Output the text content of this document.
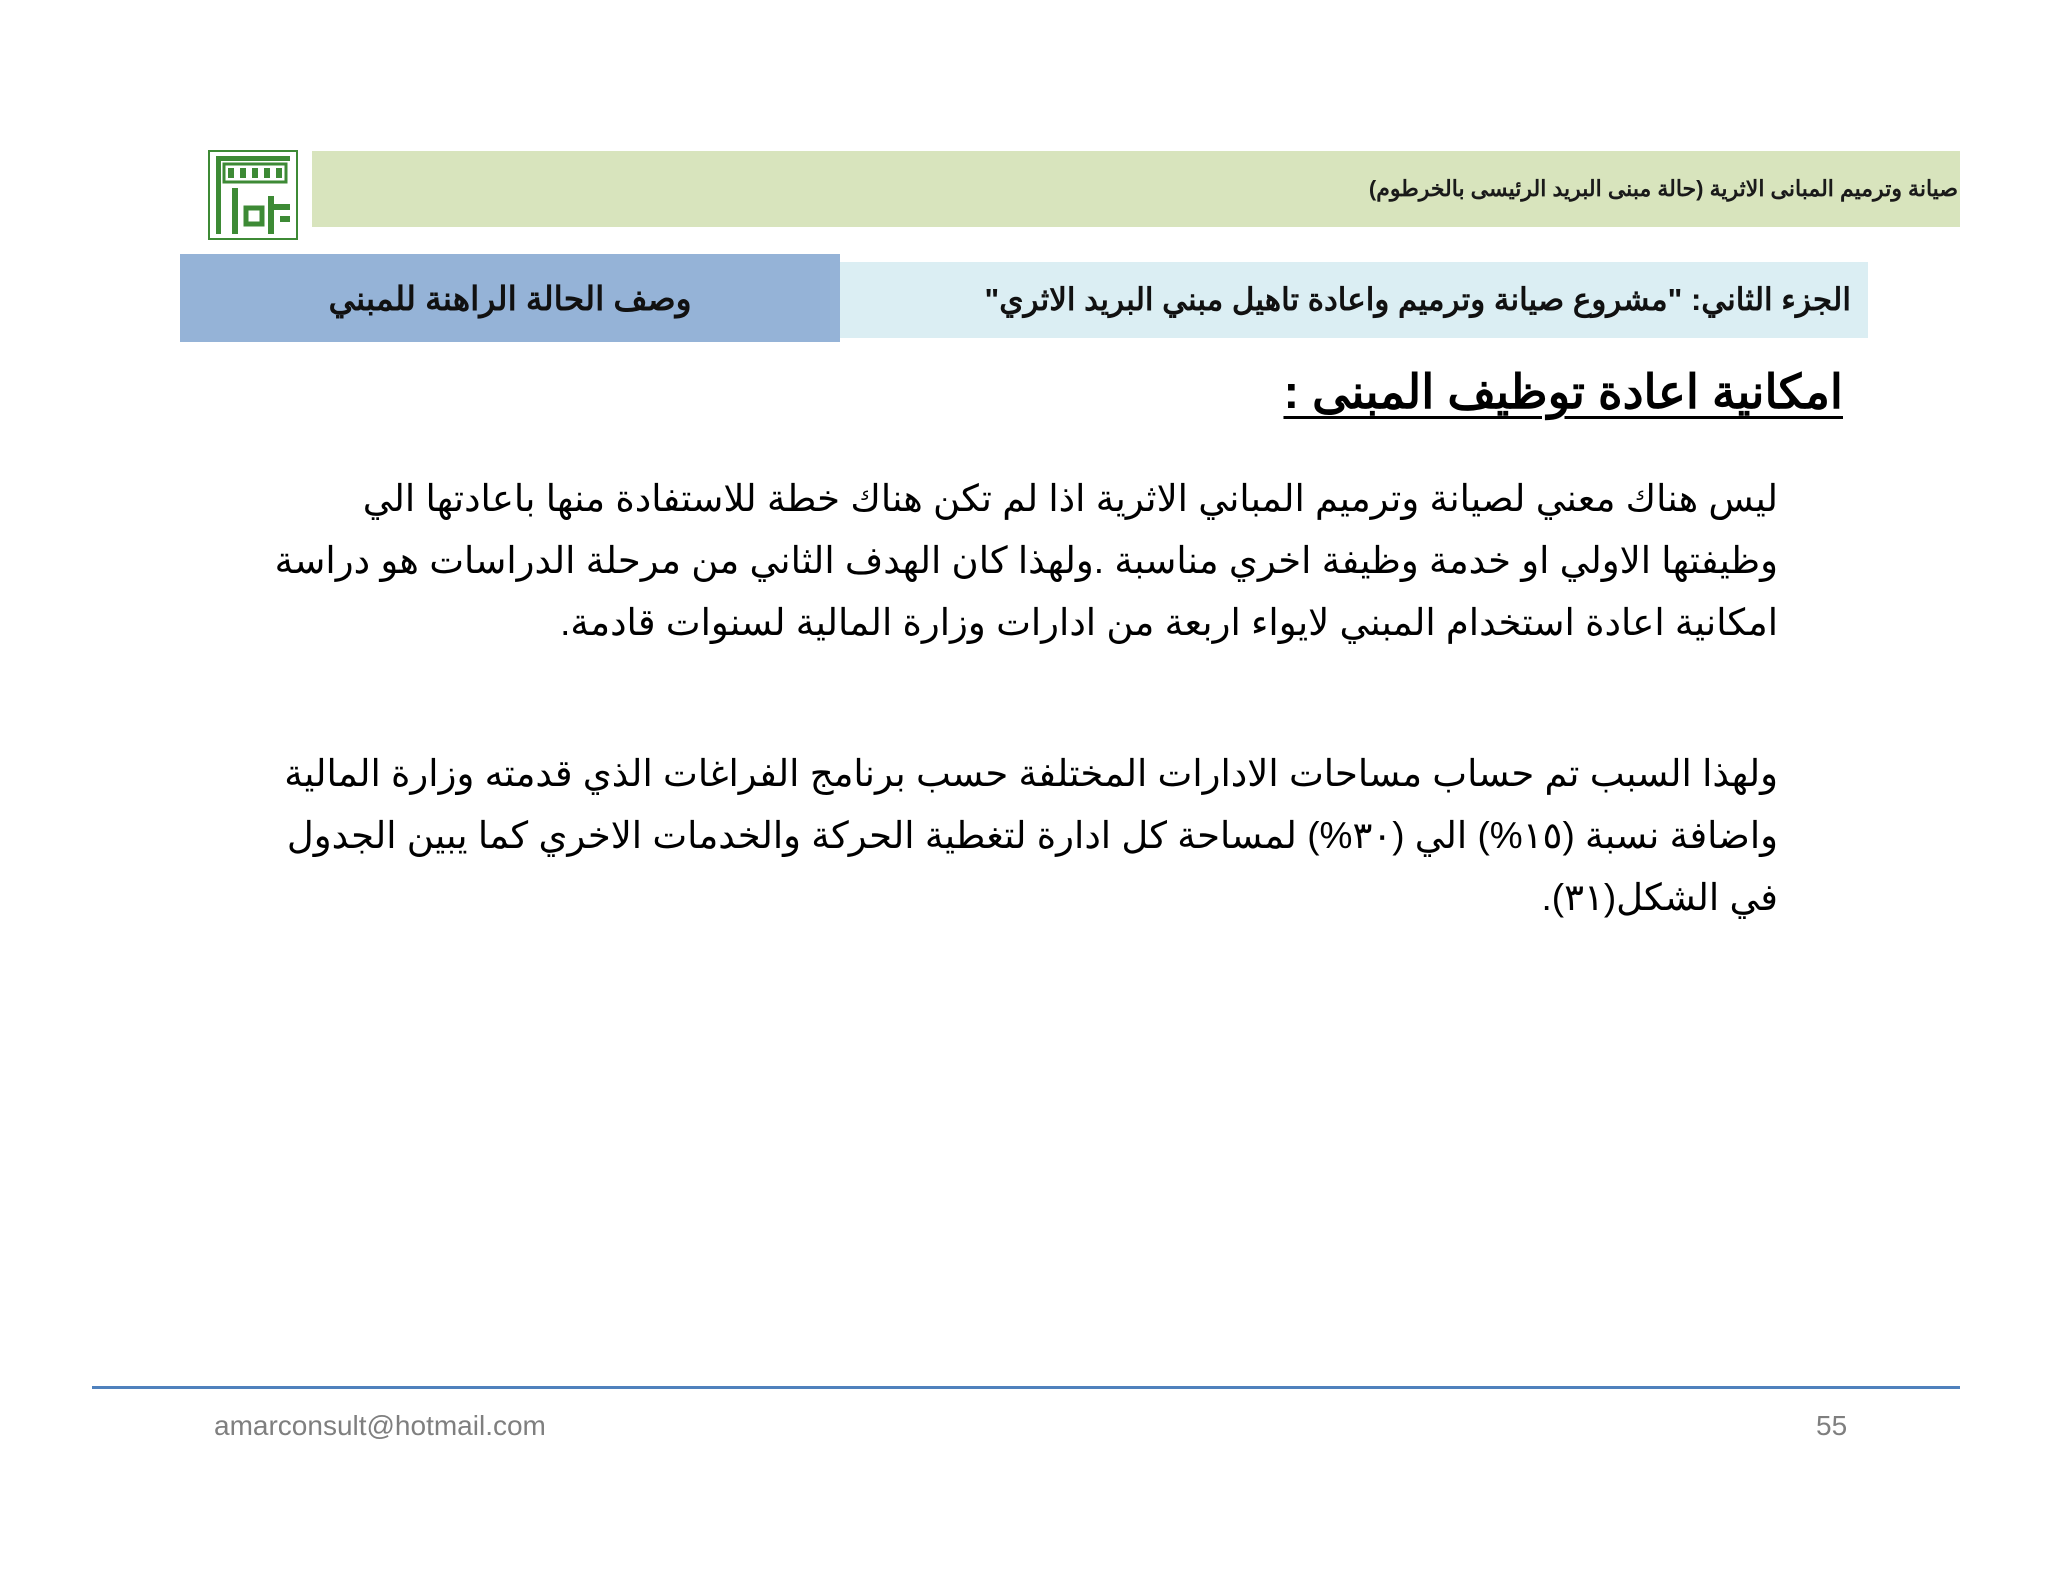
صيانة وترميم المبانى الاثرية (حالة مبنى البريد الرئيسى بالخرطوم)
وصف الحالة الراهنة للمبني	الجزء الثاني: "مشروع صيانة وترميم واعادة تاهيل مبني البريد الاثري"
امكانية اعادة توظيف المبنى :
ليس هناك معني لصيانة وترميم المباني الاثرية اذا لم تكن هناك خطة للاستفادة منها باعادتها الي وظيفتها الاولي او خدمة وظيفة اخري مناسبة .ولهذا كان الهدف الثاني من مرحلة الدراسات هو دراسة امكانية اعادة استخدام المبني لايواء اربعة من ادارات وزارة المالية لسنوات قادمة.
ولهذا السبب تم حساب مساحات الادارات المختلفة حسب برنامج الفراغات الذي قدمته وزارة المالية واضافة نسبة (١٥%) الي (٣٠%) لمساحة كل ادارة لتغطية الحركة والخدمات الاخري كما يبين الجدول في الشكل(٣١).
amarconsult@hotmail.com	55
